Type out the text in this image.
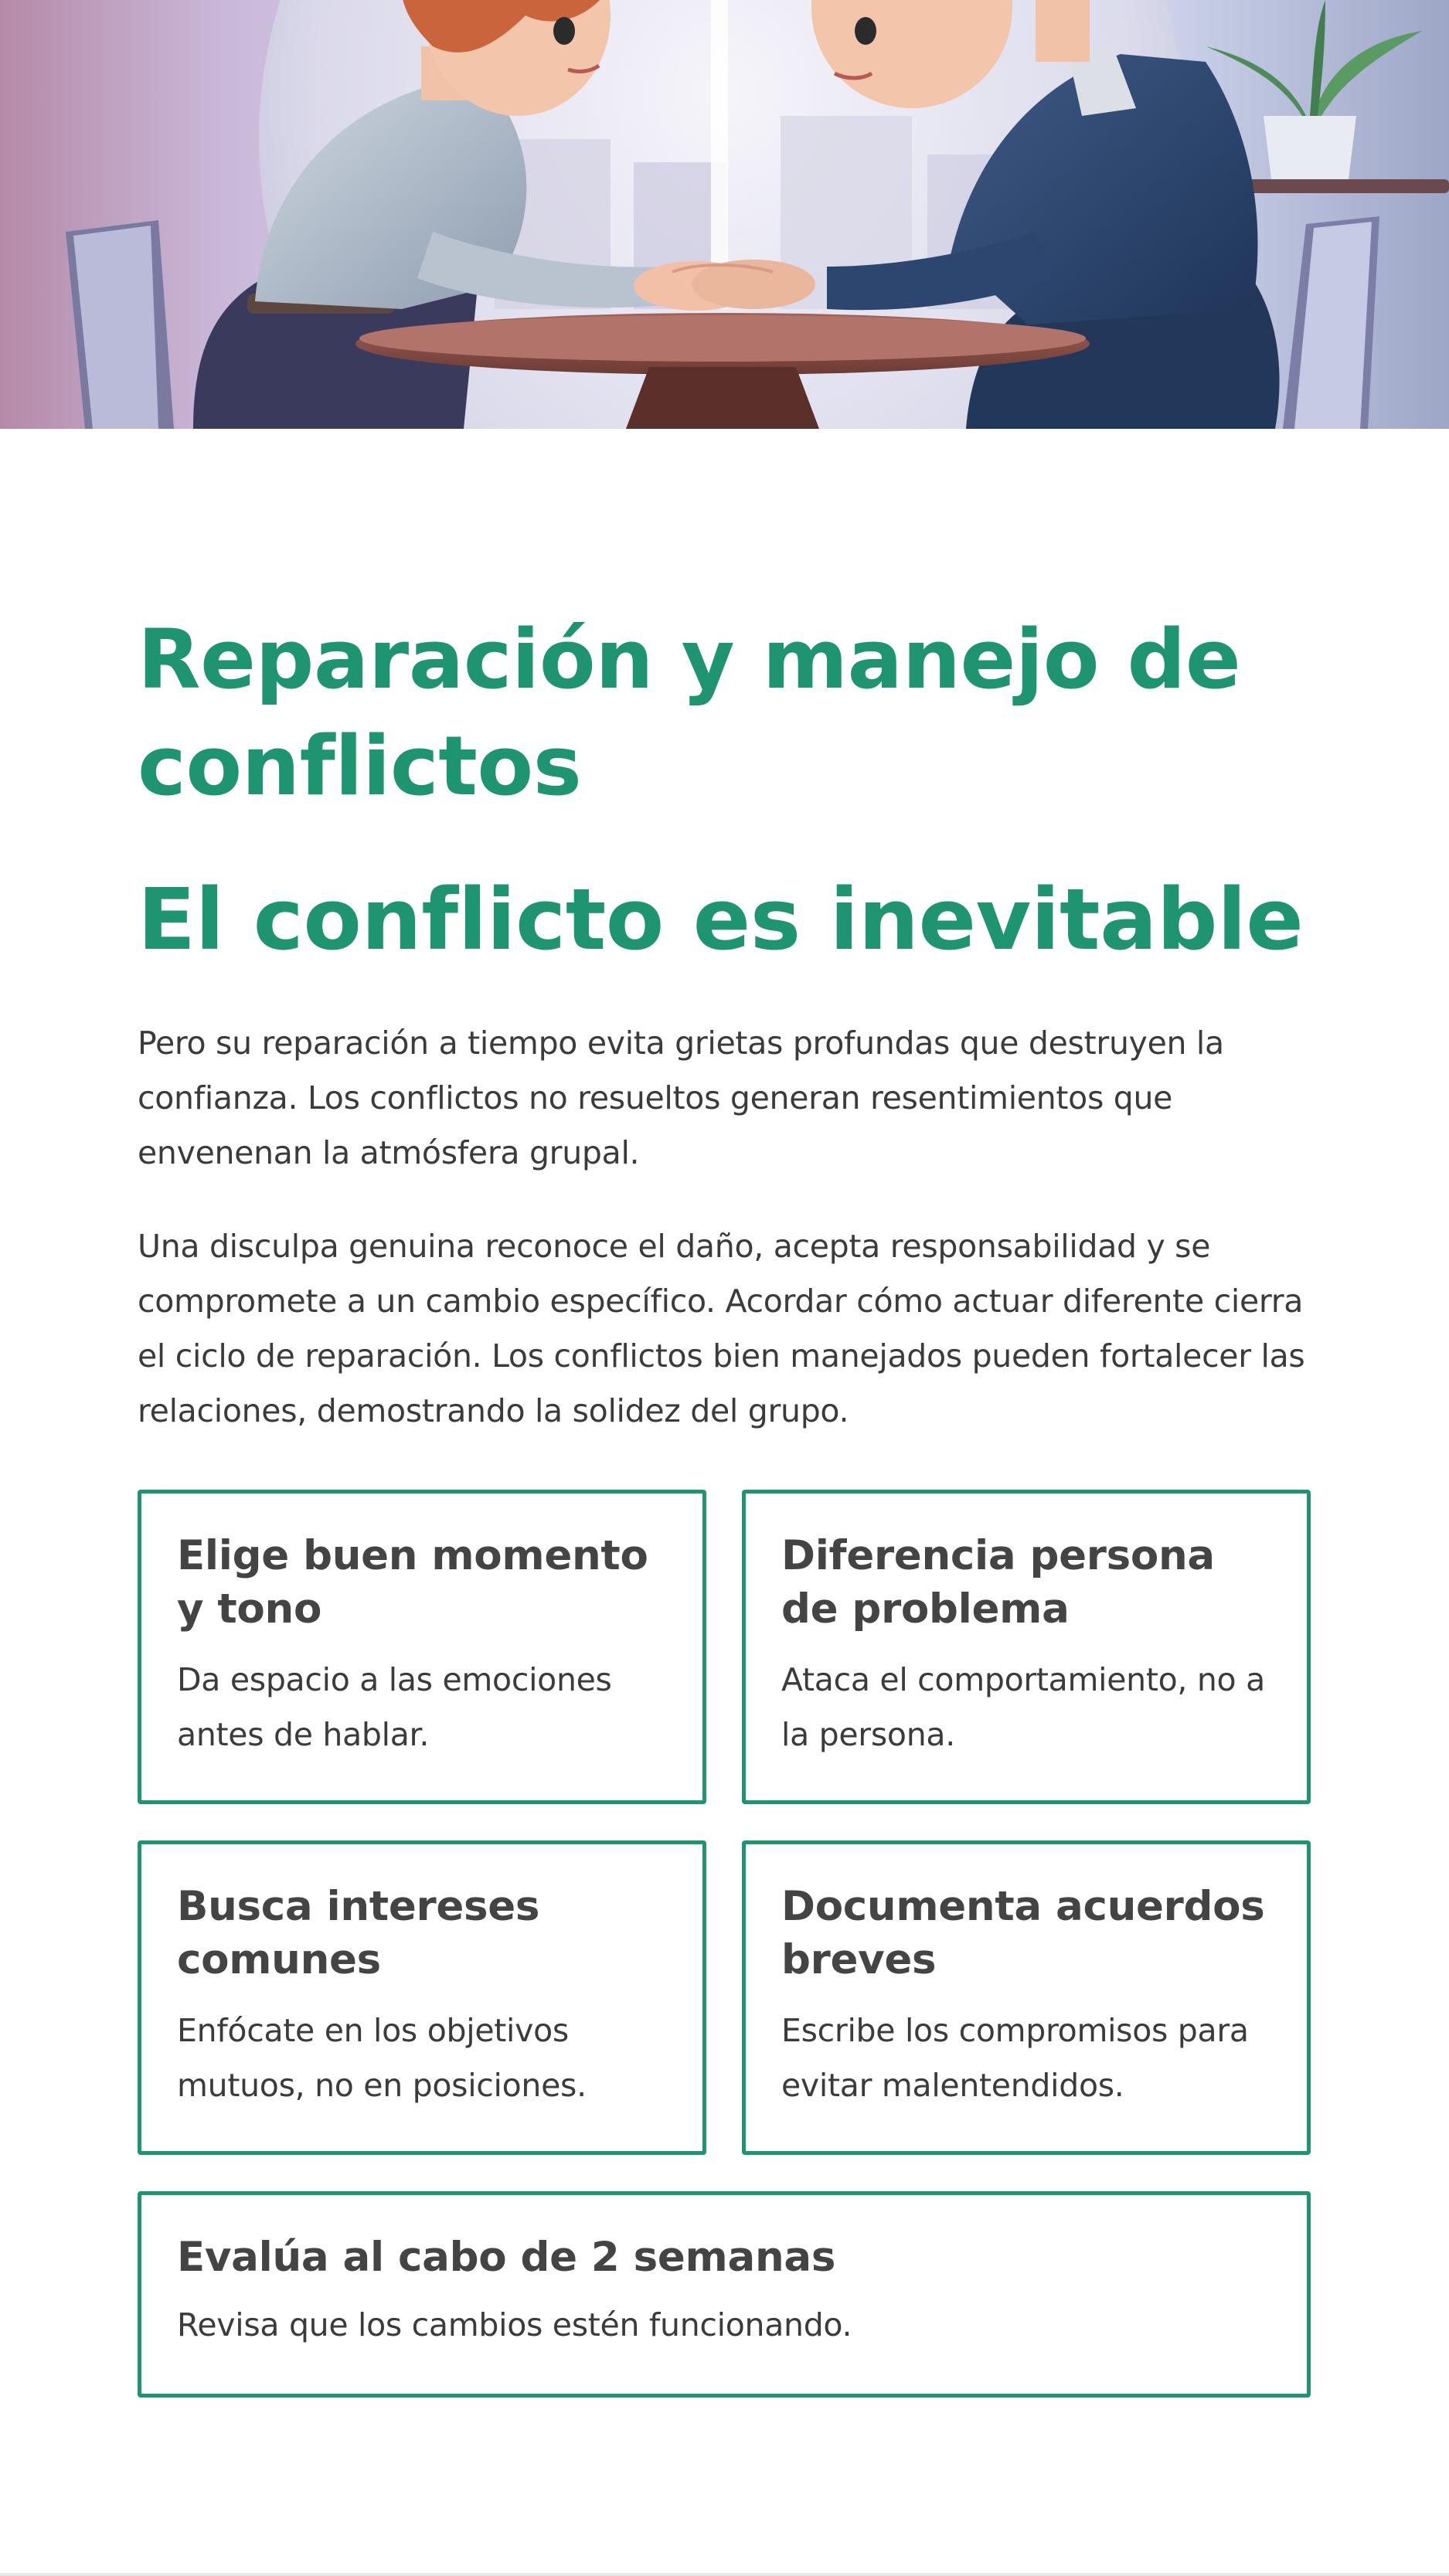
Reparación y manejo de conflictos
El conflicto es inevitable

Pero su reparación a tiempo evita grietas profundas que destruyen la confianza. Los conflictos no resueltos generan resentimientos que envenenan la atmósfera grupal.

Una disculpa genuina reconoce el daño, acepta responsabilidad y se compromete a un cambio específico. Acordar cómo actuar diferente cierra el ciclo de reparación. Los conflictos bien manejados pueden fortalecer las relaciones, demostrando la solidez del grupo.

Elige buen momento y tono

Da espacio a las emociones antes de hablar.

Diferencia persona de problema

Ataca el comportamiento, no a la persona.

Busca intereses comunes

Enfócate en los objetivos mutuos, no en posiciones.

Documenta acuerdos breves

Escribe los compromisos para evitar malentendidos.

Evalúa al cabo de 2 semanas

Revisa que los cambios estén funcionando.
